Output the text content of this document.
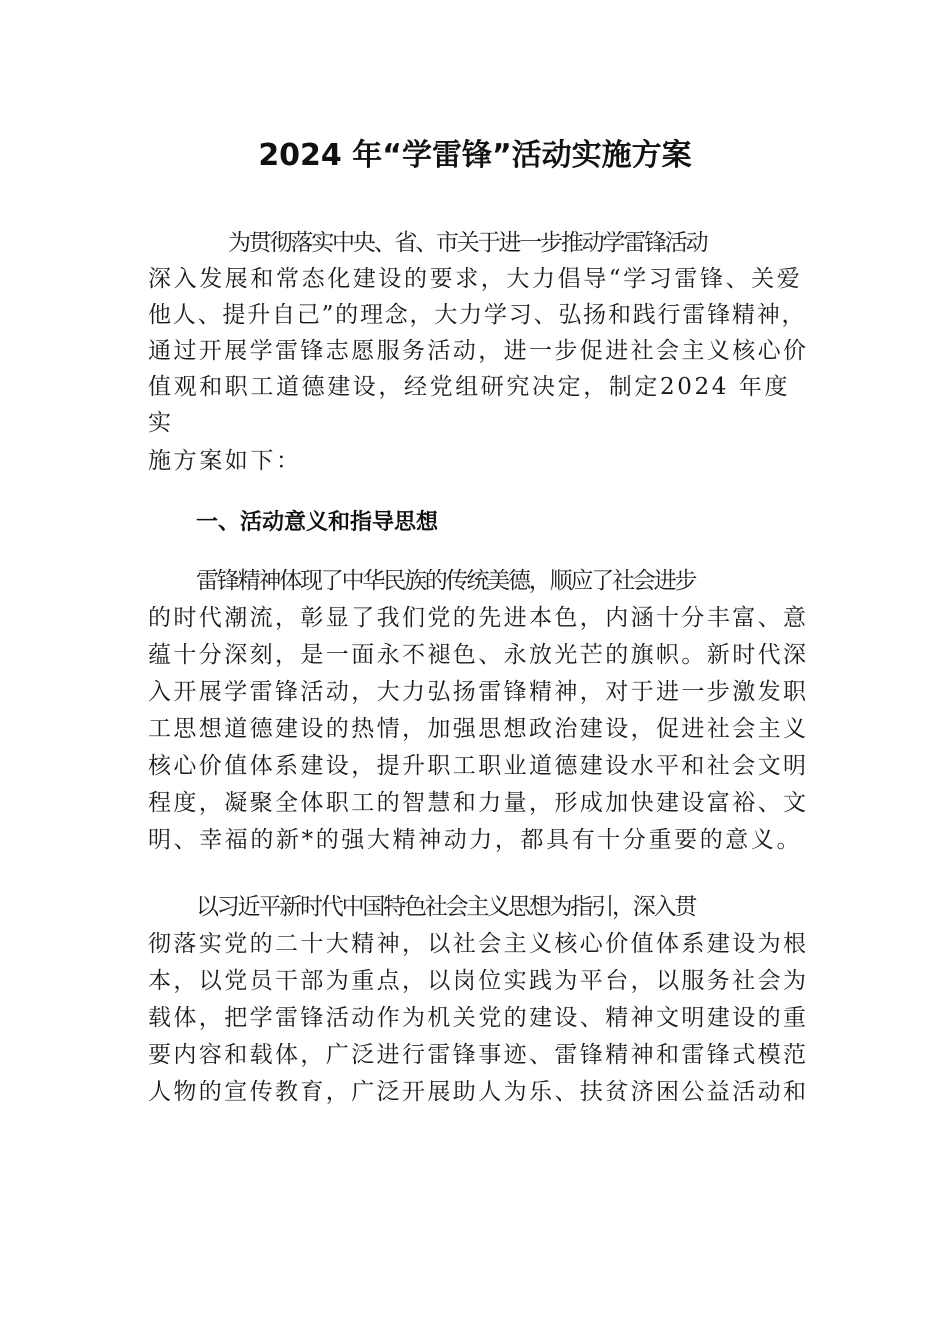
2024 年“学雷锋”活动实施方案
为贯彻落实中央、省、市关于进一步推动学雷锋活动
深入发展和常态化建设的要求，大力倡导“学习雷锋、关爱
他人、提升自己”的理念，大力学习、弘扬和践行雷锋精神，
通过开展学雷锋志愿服务活动，进一步促进社会主义核心价
值观和职工道德建设，经党组研究决定，制定2024 年度
实
施方案如下：
一、活动意义和指导思想
雷锋精神体现了中华民族的传统美德，顺应了社会进步
的时代潮流，彰显了我们党的先进本色，内涵十分丰富、意
蕴十分深刻，是一面永不褪色、永放光芒的旗帜。新时代深
入开展学雷锋活动，大力弘扬雷锋精神，对于进一步激发职
工思想道德建设的热情，加强思想政治建设，促进社会主义
核心价值体系建设，提升职工职业道德建设水平和社会文明
程度，凝聚全体职工的智慧和力量，形成加快建设富裕、文
明、幸福的新*的强大精神动力，都具有十分重要的意义。
以习近平新时代中国特色社会主义思想为指引，深入贯
彻落实党的二十大精神，以社会主义核心价值体系建设为根
本，以党员干部为重点，以岗位实践为平台，以服务社会为
载体，把学雷锋活动作为机关党的建设、精神文明建设的重
要内容和载体，广泛进行雷锋事迹、雷锋精神和雷锋式模范
人物的宣传教育，广泛开展助人为乐、扶贫济困公益活动和
